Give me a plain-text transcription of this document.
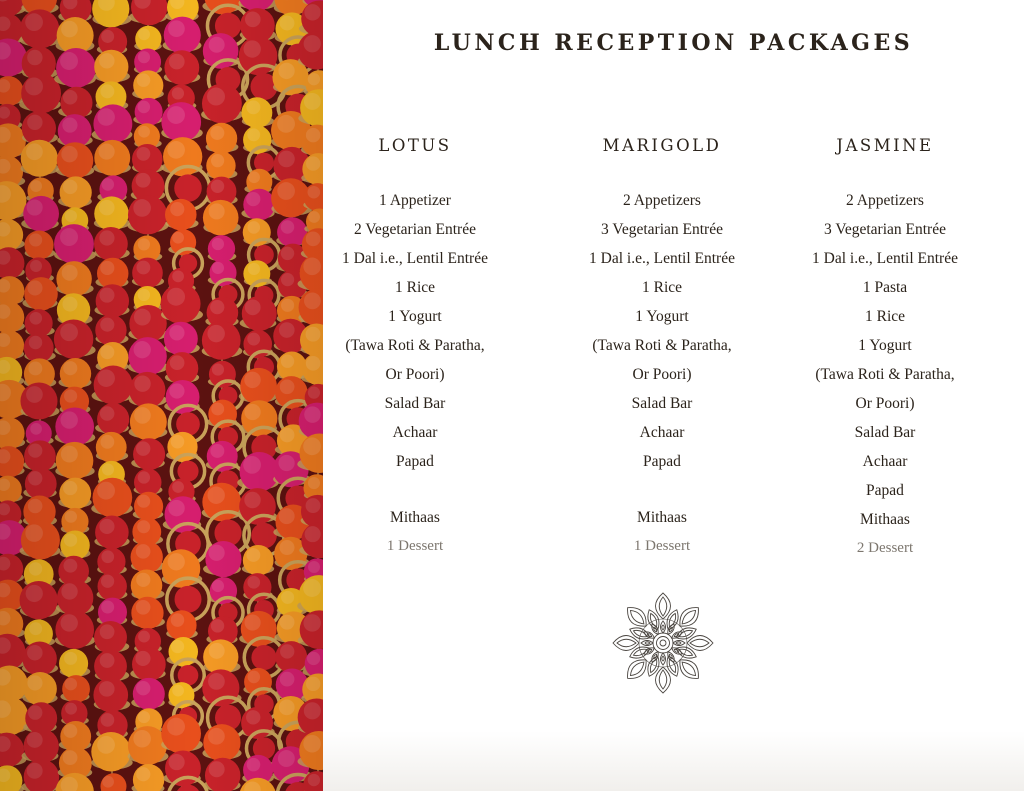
LUNCH RECEPTION PACKAGES
LOTUS
1 Appetizer
2 Vegetarian Entrée
1 Dal i.e., Lentil Entrée
1 Rice
1 Yogurt
(Tawa Roti & Paratha,
Or Poori)
Salad Bar
Achaar
Papad
Mithaas
1 Dessert
MARIGOLD
2 Appetizers
3 Vegetarian Entrée
1 Dal i.e., Lentil Entrée
1 Rice
1 Yogurt
(Tawa Roti & Paratha,
Or Poori)
Salad Bar
Achaar
Papad
Mithaas
1 Dessert
JASMINE
2 Appetizers
3 Vegetarian Entrée
1 Dal i.e., Lentil Entrée
1 Pasta
1 Rice
1 Yogurt
(Tawa Roti & Paratha,
Or Poori)
Salad Bar
Achaar
Papad
Mithaas
2 Dessert
